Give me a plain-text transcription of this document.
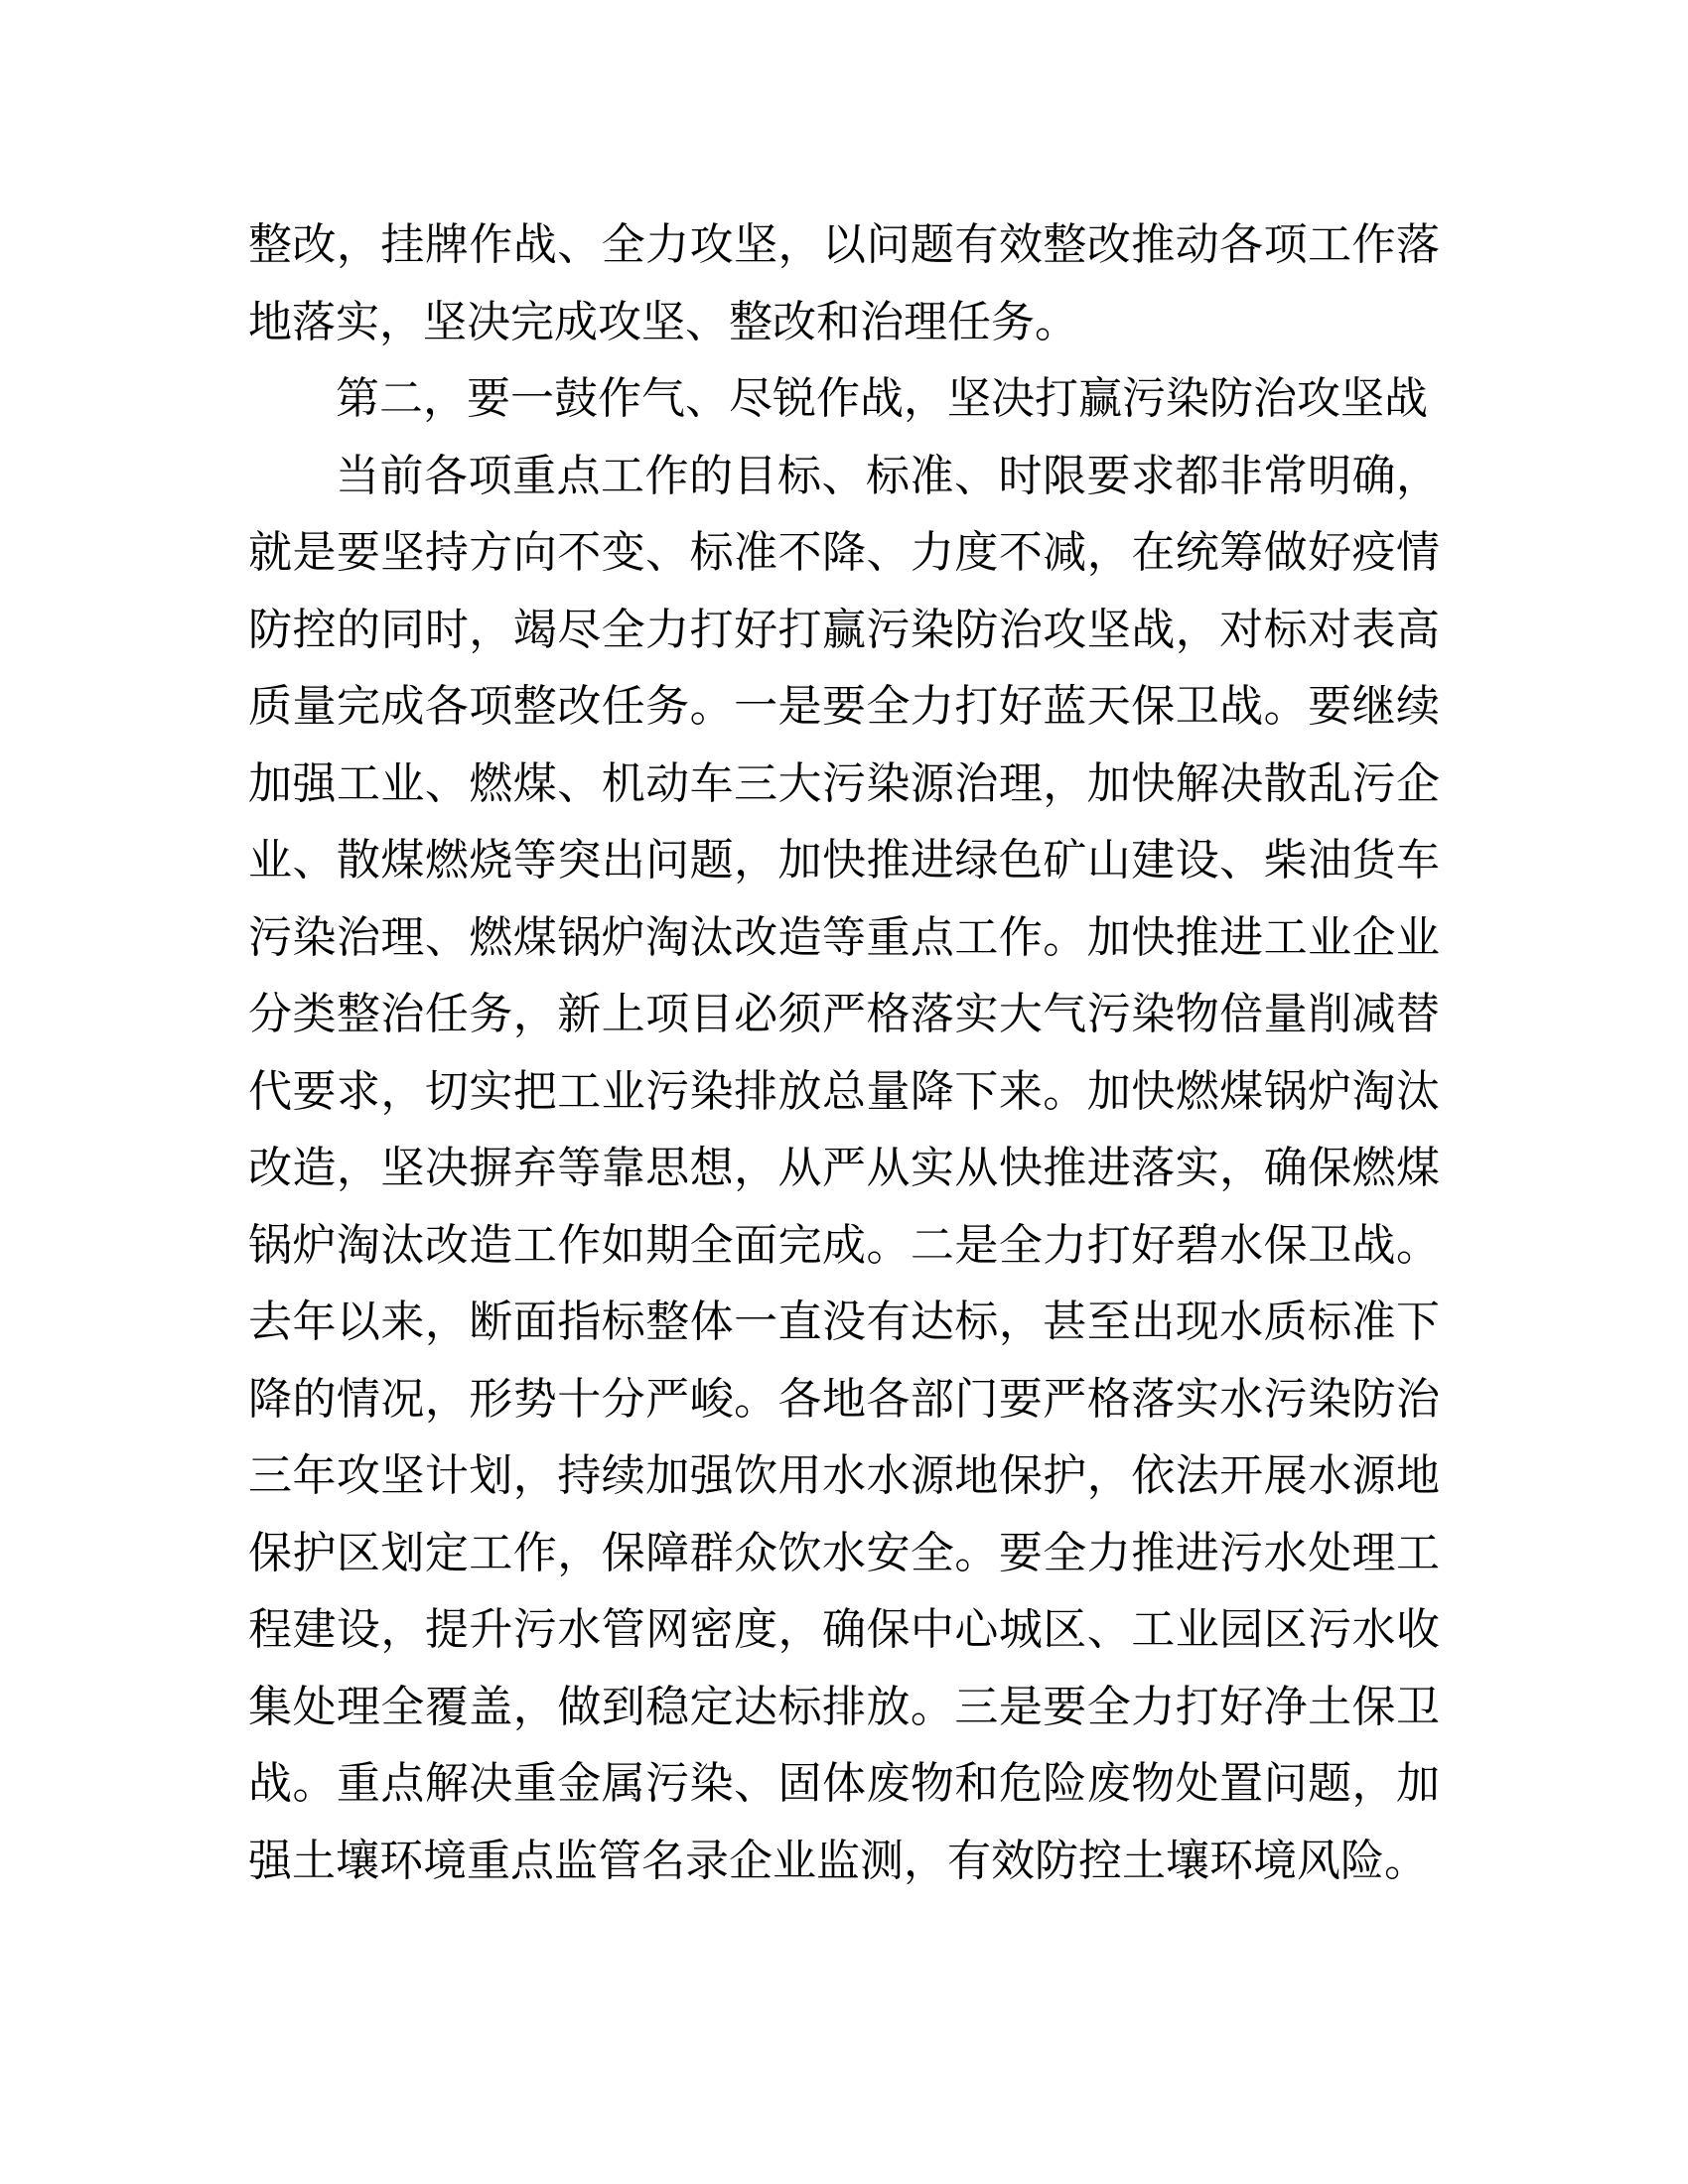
整改，挂牌作战、全力攻坚，以问题有效整改推动各项工作落地落实，坚决完成攻坚、整改和治理任务。

第二，要一鼓作气、尽锐作战，坚决打赢污染防治攻坚战

当前各项重点工作的目标、标准、时限要求都非常明确，就是要坚持方向不变、标准不降、力度不减，在统筹做好疫情防控的同时，竭尽全力打好打赢污染防治攻坚战，对标对表高质量完成各项整改任务。一是要全力打好蓝天保卫战。要继续加强工业、燃煤、机动车三大污染源治理，加快解决散乱污企业、散煤燃烧等突出问题，加快推进绿色矿山建设、柴油货车污染治理、燃煤锅炉淘汰改造等重点工作。加快推进工业企业分类整治任务，新上项目必须严格落实大气污染物倍量削减替代要求，切实把工业污染排放总量降下来。加快燃煤锅炉淘汰改造，坚决摒弃等靠思想，从严从实从快推进落实，确保燃煤锅炉淘汰改造工作如期全面完成。二是全力打好碧水保卫战。去年以来，断面指标整体一直没有达标，甚至出现水质标准下降的情况，形势十分严峻。各地各部门要严格落实水污染防治三年攻坚计划，持续加强饮用水水源地保护，依法开展水源地保护区划定工作，保障群众饮水安全。要全力推进污水处理工程建设，提升污水管网密度，确保中心城区、工业园区污水收集处理全覆盖，做到稳定达标排放。三是要全力打好净土保卫战。重点解决重金属污染、固体废物和危险废物处置问题，加强土壤环境重点监管名录企业监测，有效防控土壤环境风险。
